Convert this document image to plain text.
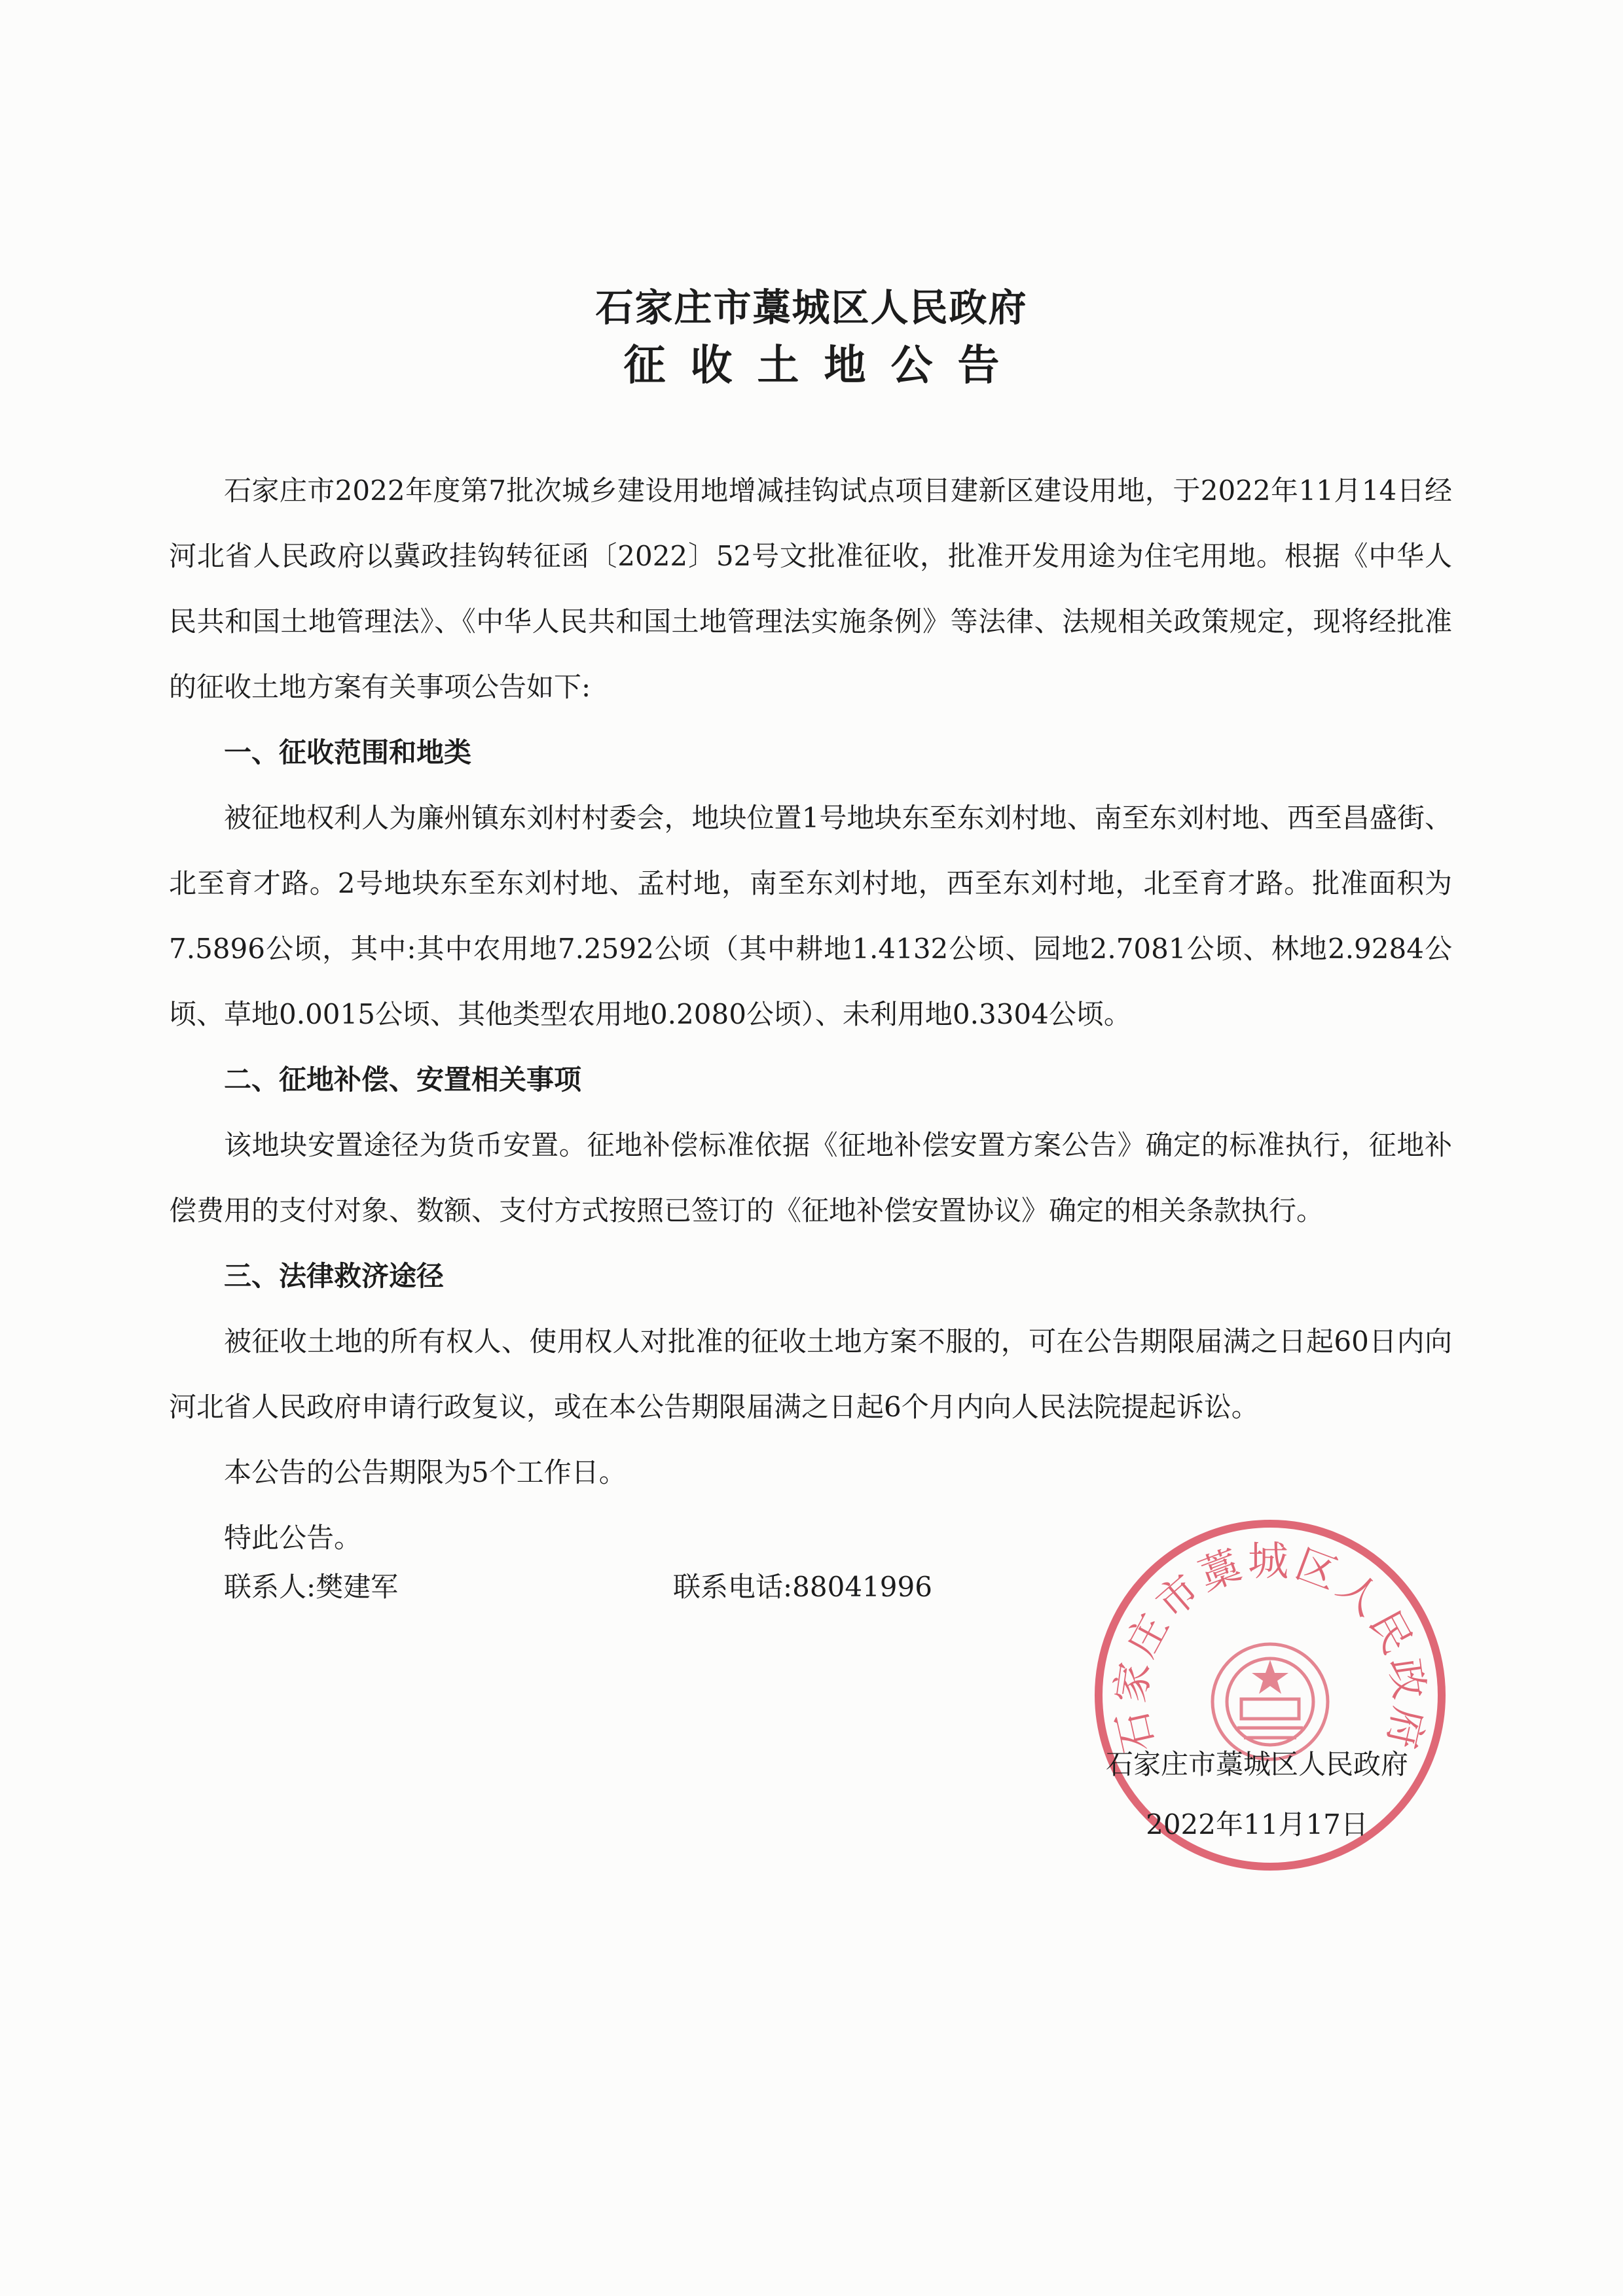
石家庄市藁城区人民政府
征收土地公告

石家庄市2022年度第7批次城乡建设用地增减挂钩试点项目建新区建设用地，于2022年11月14日经河北省人民政府以冀政挂钩转征函〔2022〕52号文批准征收，批准开发用途为住宅用地。根据《中华人民共和国土地管理法》、《中华人民共和国土地管理法实施条例》等法律、法规相关政策规定，现将经批准的征收土地方案有关事项公告如下:

一、征收范围和地类

被征地权利人为廉州镇东刘村村委会，地块位置1号地块东至东刘村地、南至东刘村地、西至昌盛街、北至育才路。2号地块东至东刘村地、孟村地，南至东刘村地，西至东刘村地，北至育才路。批准面积为7.5896公顷，其中:其中农用地7.2592公顷（其中耕地1.4132公顷、园地2.7081公顷、林地2.9284公顷、草地0.0015公顷、其他类型农用地0.2080公顷）、未利用地0.3304公顷。

二、征地补偿、安置相关事项

该地块安置途径为货币安置。征地补偿标准依据《征地补偿安置方案公告》确定的标准执行，征地补偿费用的支付对象、数额、支付方式按照已签订的《征地补偿安置协议》确定的相关条款执行。

三、法律救济途径

被征收土地的所有权人、使用权人对批准的征收土地方案不服的，可在公告期限届满之日起60日内向河北省人民政府申请行政复议，或在本公告期限届满之日起6个月内向人民法院提起诉讼。

本公告的公告期限为5个工作日。

特此公告。

联系人:樊建军	联系电话:88041996
石家庄市藁城区人民政府
石家庄市藁城区人民政府
2022年11月17日
